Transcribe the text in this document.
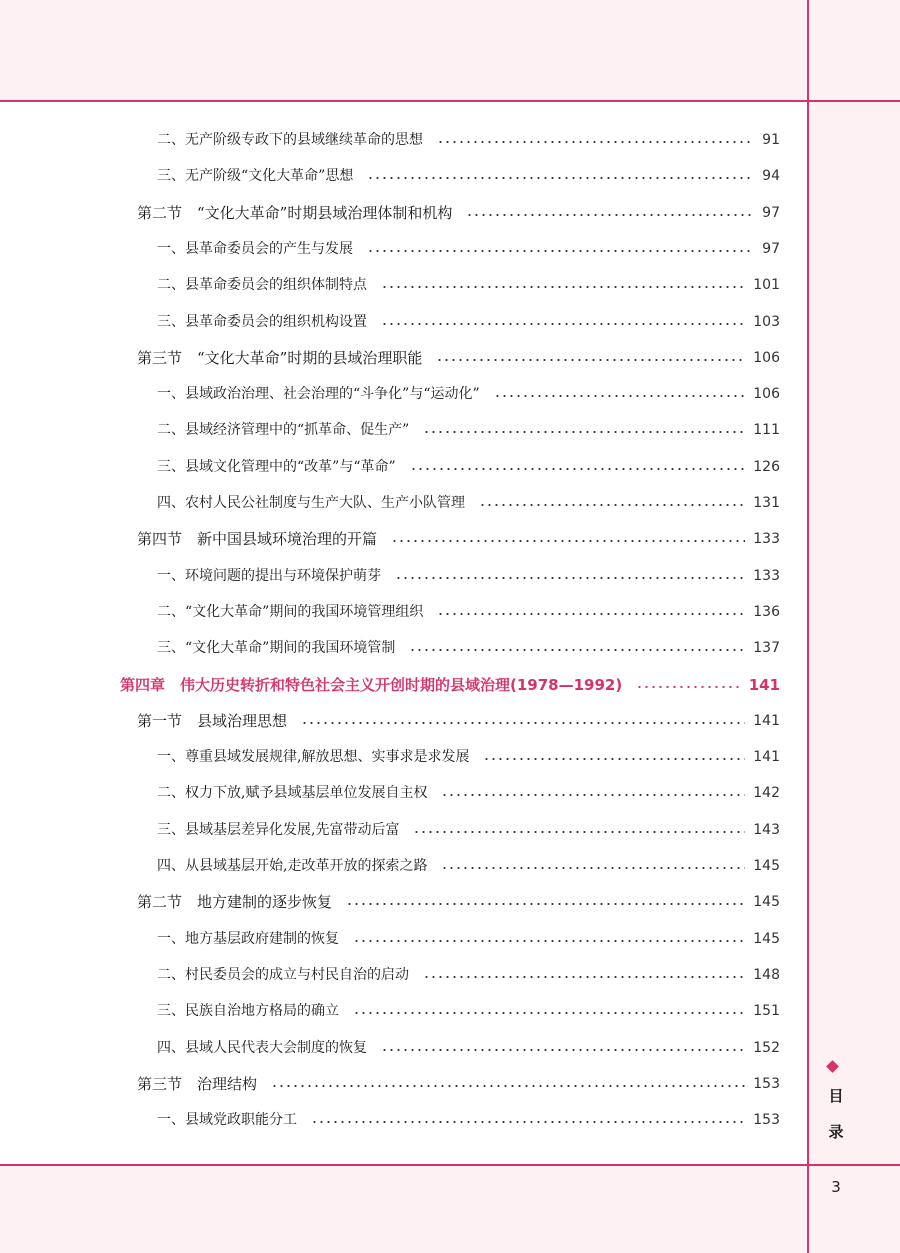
二、无产阶级专政下的县域继续革命的思想	91
三、无产阶级“文化大革命”思想	94
第二节　“文化大革命”时期县域治理体制和机构	97
一、县革命委员会的产生与发展	97
二、县革命委员会的组织体制特点	101
三、县革命委员会的组织机构设置	103
第三节　“文化大革命”时期的县域治理职能	106
一、县域政治治理、社会治理的“斗争化”与“运动化”	106
二、县域经济管理中的“抓革命、促生产”	111
三、县域文化管理中的“改革”与“革命”	126
四、农村人民公社制度与生产大队、生产小队管理	131
第四节　新中国县域环境治理的开篇	133
一、环境问题的提出与环境保护萌芽	133
二、“文化大革命”期间的我国环境管理组织	136
三、“文化大革命”期间的我国环境管制	137
第四章　伟大历史转折和特色社会主义开创时期的县域治理(1978—1992)	141
第一节　县域治理思想	141
一、尊重县域发展规律,解放思想、实事求是求发展	141
二、权力下放,赋予县域基层单位发展自主权	142
三、县域基层差异化发展,先富带动后富	143
四、从县域基层开始,走改革开放的探索之路	145
第二节　地方建制的逐步恢复	145
一、地方基层政府建制的恢复	145
二、村民委员会的成立与村民自治的启动	148
三、民族自治地方格局的确立	151
四、县域人民代表大会制度的恢复	152
第三节　治理结构	153
一、县域党政职能分工	153
目
录
3
